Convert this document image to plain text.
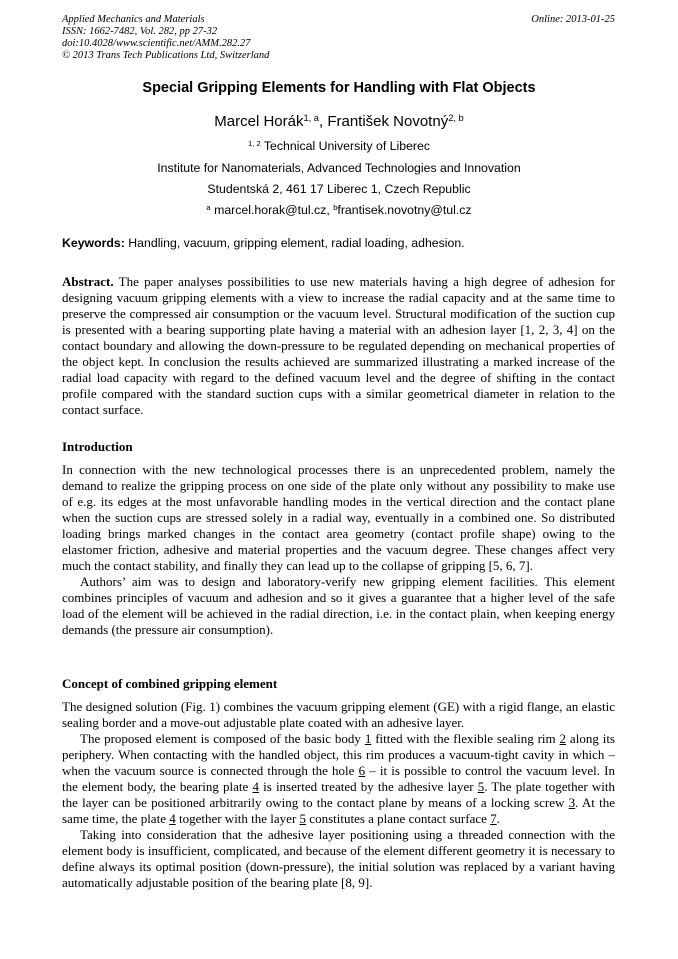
Applied Mechanics and Materials
ISSN: 1662-7482, Vol. 282, pp 27-32
doi:10.4028/www.scientific.net/AMM.282.27
© 2013 Trans Tech Publications Ltd, Switzerland
Online: 2013-01-25
Special Gripping Elements for Handling with Flat Objects
Marcel Horák$^{1, a}$, František Novotný$^{2, b}$
$^{1, 2}$ Technical University of Liberec
Institute for Nanomaterials, Advanced Technologies and Innovation
Studentská 2, 461 17 Liberec 1, Czech Republic
$^a$ marcel.horak@tul.cz, $^b$frantisek.novotny@tul.cz
Keywords: Handling, vacuum, gripping element, radial loading, adhesion.

Abstract. The paper analyses possibilities to use new materials having a high degree of adhesion for designing vacuum gripping elements with a view to increase the radial capacity and at the same time to preserve the compressed air consumption or the vacuum level. Structural modification of the suction cup is presented with a bearing supporting plate having a material with an adhesion layer [1, 2, 3, 4] on the contact boundary and allowing the down-pressure to be regulated depending on mechanical properties of the object kept. In conclusion the results achieved are summarized illustrating a marked increase of the radial load capacity with regard to the defined vacuum level and the degree of shifting in the contact profile compared with the standard suction cups with a similar geometrical diameter in relation to the contact surface.

Introduction

In connection with the new technological processes there is an unprecedented problem, namely the demand to realize the gripping process on one side of the plate only without any possibility to make use of e.g. its edges at the most unfavorable handling modes in the vertical direction and the contact plane when the suction cups are stressed solely in a radial way, eventually in a combined one. So distributed loading brings marked changes in the contact area geometry (contact profile shape) owing to the elastomer friction, adhesive and material properties and the vacuum degree. These changes affect very much the contact stability, and finally they can lead up to the collapse of gripping [5, 6, 7].

Authors’ aim was to design and laboratory-verify new gripping element facilities. This element combines principles of vacuum and adhesion and so it gives a guarantee that a higher level of the safe load of the element will be achieved in the radial direction, i.e. in the contact plain, when keeping energy demands (the pressure air consumption).

Concept of combined gripping element

The designed solution (Fig. 1) combines the vacuum gripping element (GE) with a rigid flange, an elastic sealing border and a move-out adjustable plate coated with an adhesive layer.

The proposed element is composed of the basic body 1 fitted with the flexible sealing rim 2 along its periphery. When contacting with the handled object, this rim produces a vacuum-tight cavity in which – when the vacuum source is connected through the hole 6 – it is possible to control the vacuum level. In the element body, the bearing plate 4 is inserted treated by the adhesive layer 5. The plate together with the layer can be positioned arbitrarily owing to the contact plane by means of a locking screw 3. At the same time, the plate 4 together with the layer 5 constitutes a plane contact surface 7.

Taking into consideration that the adhesive layer positioning using a threaded connection with the element body is insufficient, complicated, and because of the element different geometry it is necessary to define always its optimal position (down-pressure), the initial solution was replaced by a variant having automatically adjustable position of the bearing plate [8, 9].
